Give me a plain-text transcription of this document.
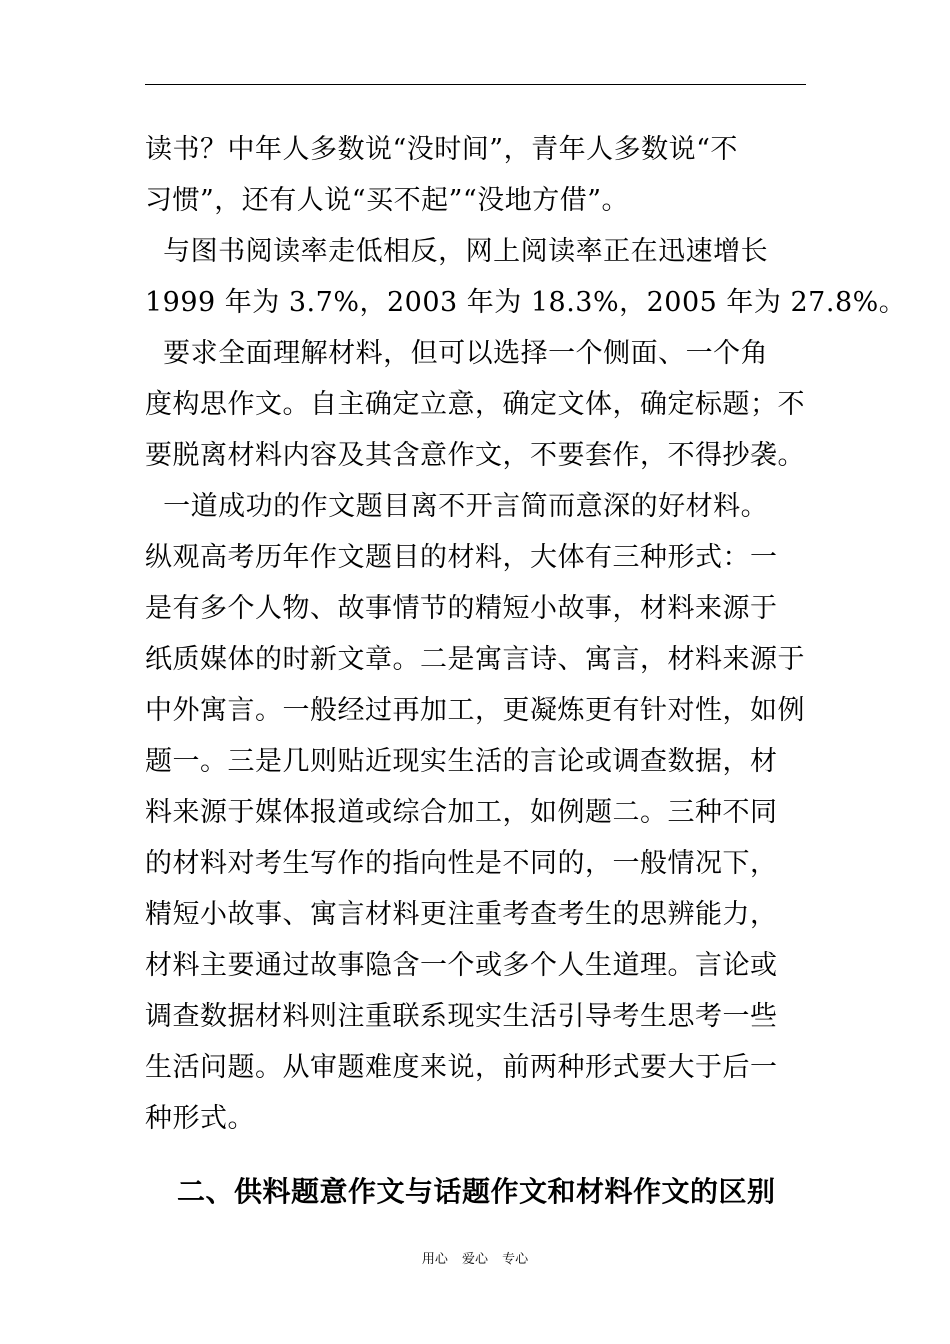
读书？中年人多数说“没时间”，青年人多数说“不
习惯”，还有人说“买不起”“没地方借”。
与图书阅读率走低相反，网上阅读率正在迅速增长
1999 年为 3.7%，2003 年为 18.3%，2005 年为 27.8%。
要求全面理解材料，但可以选择一个侧面、一个角
度构思作文。自主确定立意，确定文体，确定标题；不
要脱离材料内容及其含意作文，不要套作，不得抄袭。
一道成功的作文题目离不开言简而意深的好材料。
纵观高考历年作文题目的材料，大体有三种形式：一
是有多个人物、故事情节的精短小故事，材料来源于
纸质媒体的时新文章。二是寓言诗、寓言，材料来源于
中外寓言。一般经过再加工，更凝炼更有针对性，如例
题一。三是几则贴近现实生活的言论或调查数据，材
料来源于媒体报道或综合加工，如例题二。三种不同
的材料对考生写作的指向性是不同的，一般情况下，
精短小故事、寓言材料更注重考查考生的思辨能力，
材料主要通过故事隐含一个或多个人生道理。言论或
调查数据材料则注重联系现实生活引导考生思考一些
生活问题。从审题难度来说，前两种形式要大于后一
种形式。
二、供料题意作文与话题作文和材料作文的区别
用心 爱心 专心
